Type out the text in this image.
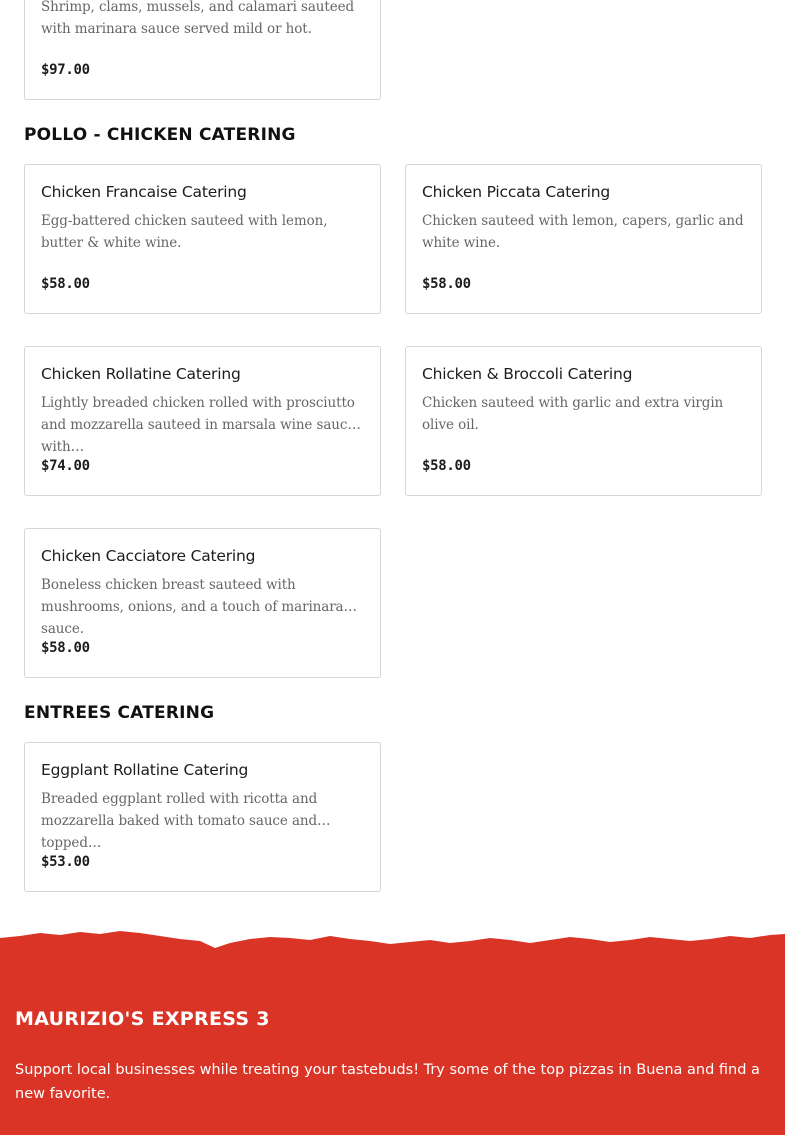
Shrimp, clams, mussels, and calamari sauteed with marinara sauce served mild or hot.
$97.00
POLLO - CHICKEN CATERING
Chicken Francaise Catering
Egg-battered chicken sauteed with lemon, butter & white wine.
$58.00
Chicken Piccata Catering
Chicken sauteed with lemon, capers, garlic and white wine.
$58.00
Chicken Rollatine Catering
Lightly breaded chicken rolled with prosciutto and mozzarella sauteed in marsala wine sauce with…
$74.00
Chicken & Broccoli Catering
Chicken sauteed with garlic and extra virgin olive oil.
$58.00
Chicken Cacciatore Catering
Boneless chicken breast sauteed with mushrooms, onions, and a touch of marinara sauce.
$58.00
ENTREES CATERING
Eggplant Rollatine Catering
Breaded eggplant rolled with ricotta and mozzarella baked with tomato sauce and topped…
$53.00
MAURIZIO'S EXPRESS 3
Support local businesses while treating your tastebuds! Try some of the top pizzas in Buena and find a new favorite.
